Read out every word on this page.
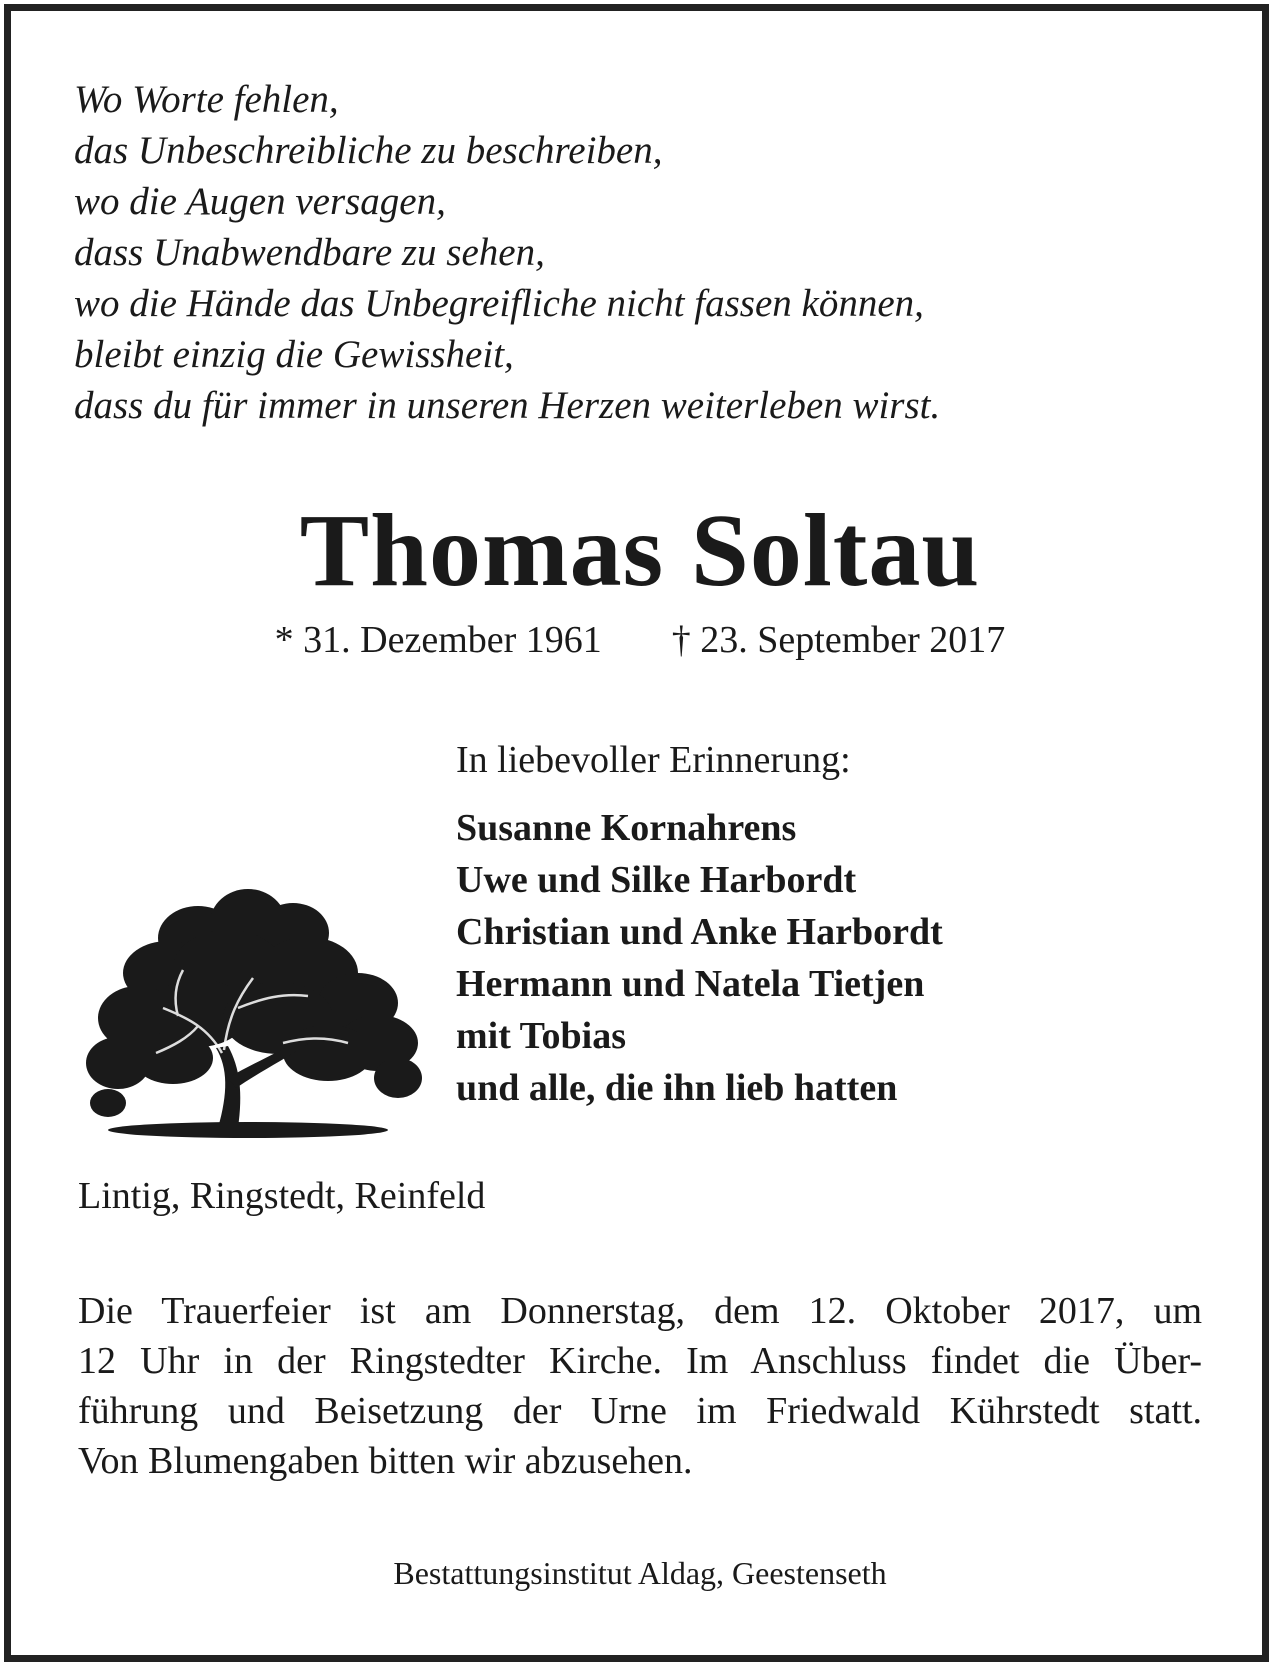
Wo Worte fehlen,
das Unbeschreibliche zu beschreiben,
wo die Augen versagen,
dass Unabwendbare zu sehen,
wo die Hände das Unbegreifliche nicht fassen können,
bleibt einzig die Gewissheit,
dass du für immer in unseren Herzen weiterleben wirst.
Thomas Soltau
* 31. Dezember 1961 † 23. September 2017
In liebevoller Erinnerung:
Susanne Kornahrens
Uwe und Silke Harbordt
Christian und Anke Harbordt
Hermann und Natela Tietjen
mit Tobias
und alle, die ihn lieb hatten
Lintig, Ringstedt, Reinfeld
Die Trauerfeier ist am Donnerstag, dem 12. Oktober 2017, um
12 Uhr in der Ringstedter Kirche. Im Anschluss findet die Über-
führung und Beisetzung der Urne im Friedwald Kührstedt statt.
Von Blumengaben bitten wir abzusehen.
Bestattungsinstitut Aldag, Geestenseth
